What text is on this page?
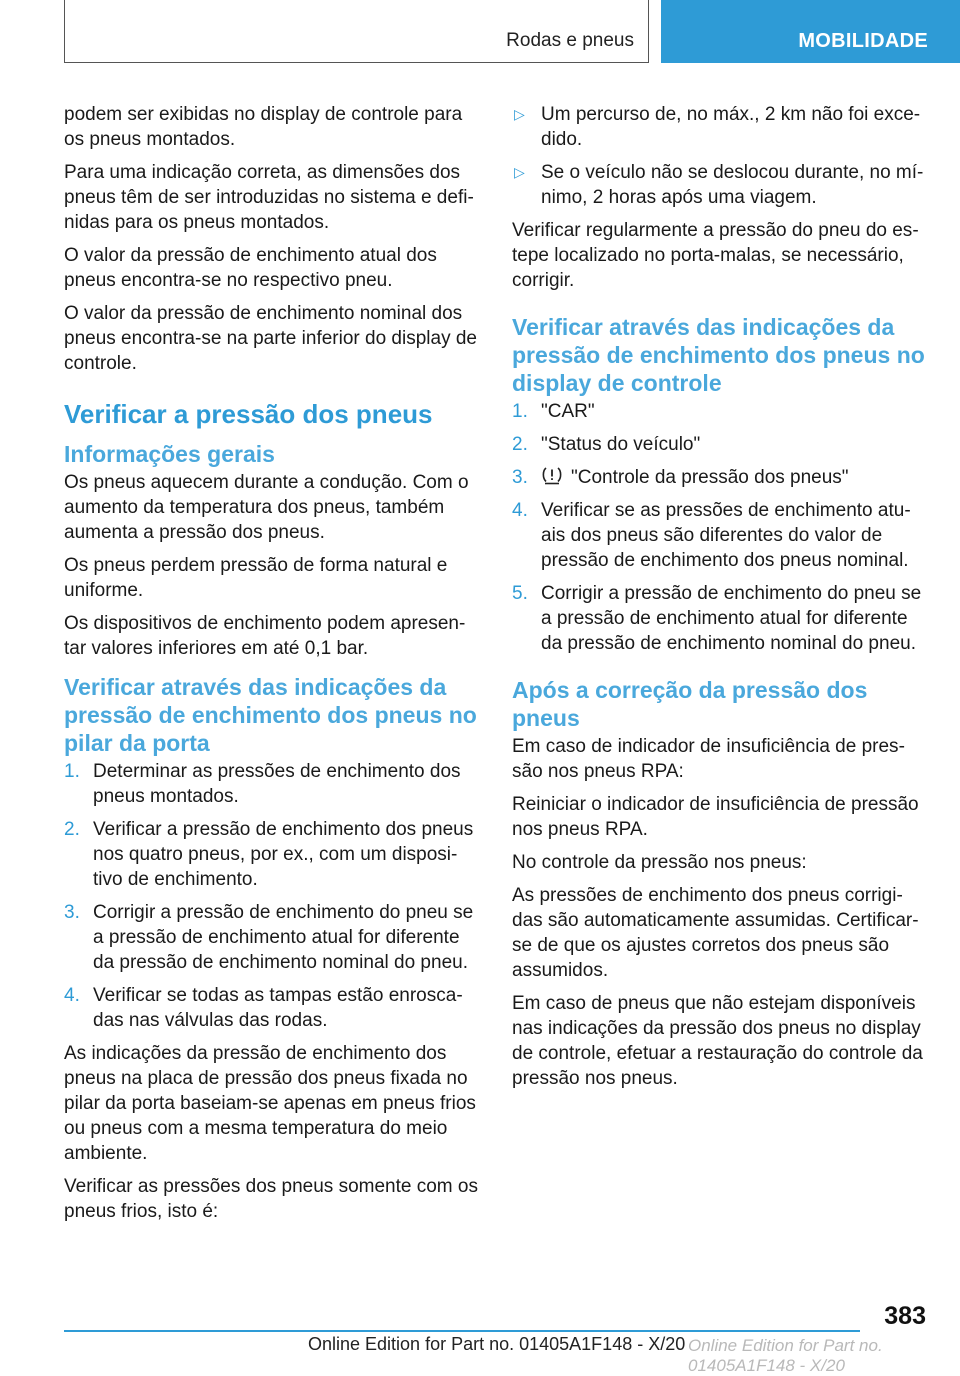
Rodas e pneus	MOBILIDADE

podem ser exibidas no display de controle para os pneus montados.

Para uma indicação correta, as dimensões dos pneus têm de ser introduzidas no sistema e definidas para os pneus montados.

O valor da pressão de enchimento atual dos pneus encontra-se no respectivo pneu.

O valor da pressão de enchimento nominal dos pneus encontra-se na parte inferior do display de controle.

Verificar a pressão dos pneus
Informações gerais

Os pneus aquecem durante a condução. Com o aumento da temperatura dos pneus, também aumenta a pressão dos pneus.

Os pneus perdem pressão de forma natural e uniforme.

Os dispositivos de enchimento podem apresentar valores inferiores em até 0,1 bar.

Verificar através das indicações da pressão de enchimento dos pneus no pilar da porta
1. Determinar as pressões de enchimento dos pneus montados.
2. Verificar a pressão de enchimento dos pneus nos quatro pneus, por ex., com um dispositivo de enchimento.
3. Corrigir a pressão de enchimento do pneu se a pressão de enchimento atual for diferente da pressão de enchimento nominal do pneu.
4. Verificar se todas as tampas estão enroscadas nas válvulas das rodas.

As indicações da pressão de enchimento dos pneus na placa de pressão dos pneus fixada no pilar da porta baseiam-se apenas em pneus frios ou pneus com a mesma temperatura do meio ambiente.

Verificar as pressões dos pneus somente com os pneus frios, isto é:

▷ Um percurso de, no máx., 2 km não foi excedido.
▷ Se o veículo não se deslocou durante, no mínimo, 2 horas após uma viagem.

Verificar regularmente a pressão do pneu do estepe localizado no porta-malas, se necessário, corrigir.

Verificar através das indicações da pressão de enchimento dos pneus no display de controle
1. "CAR"
2. "Status do veículo"
3. "Controle da pressão dos pneus"
4. Verificar se as pressões de enchimento atuais dos pneus são diferentes do valor de pressão de enchimento dos pneus nominal.
5. Corrigir a pressão de enchimento do pneu se a pressão de enchimento atual for diferente da pressão de enchimento nominal do pneu.
Após a correção da pressão dos pneus

Em caso de indicador de insuficiência de pressão nos pneus RPA:

Reiniciar o indicador de insuficiência de pressão nos pneus RPA.

No controle da pressão nos pneus:

As pressões de enchimento dos pneus corrigidas são automaticamente assumidas. Certificar-se de que os ajustes corretos dos pneus são assumidos.

Em caso de pneus que não estejam disponíveis nas indicações da pressão dos pneus no display de controle, efetuar a restauração do controle da pressão nos pneus.

383
Online Edition for Part no. 01405A1F148 - X/20 Online Edition for Part no. 01405A1F148 - X/20
